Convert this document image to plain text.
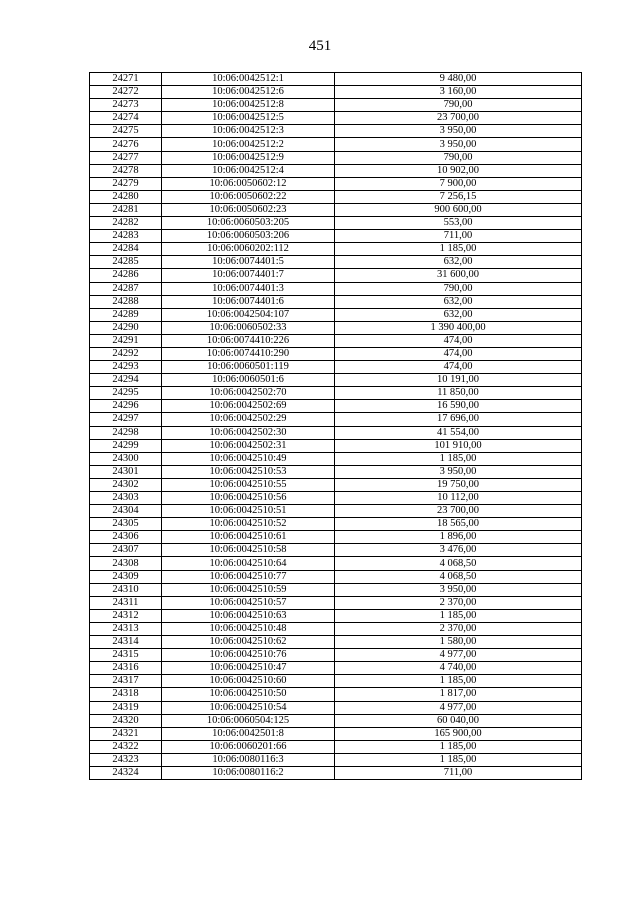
451
24271	10:06:0042512:1	9 480,00
24272	10:06:0042512:6	3 160,00
24273	10:06:0042512:8	790,00
24274	10:06:0042512:5	23 700,00
24275	10:06:0042512:3	3 950,00
24276	10:06:0042512:2	3 950,00
24277	10:06:0042512:9	790,00
24278	10:06:0042512:4	10 902,00
24279	10:06:0050602:12	7 900,00
24280	10:06:0050602:22	7 256,15
24281	10:06:0050602:23	900 600,00
24282	10:06:0060503:205	553,00
24283	10:06:0060503:206	711,00
24284	10:06:0060202:112	1 185,00
24285	10:06:0074401:5	632,00
24286	10:06:0074401:7	31 600,00
24287	10:06:0074401:3	790,00
24288	10:06:0074401:6	632,00
24289	10:06:0042504:107	632,00
24290	10:06:0060502:33	1 390 400,00
24291	10:06:0074410:226	474,00
24292	10:06:0074410:290	474,00
24293	10:06:0060501:119	474,00
24294	10:06:0060501:6	10 191,00
24295	10:06:0042502:70	11 850,00
24296	10:06:0042502:69	16 590,00
24297	10:06:0042502:29	17 696,00
24298	10:06:0042502:30	41 554,00
24299	10:06:0042502:31	101 910,00
24300	10:06:0042510:49	1 185,00
24301	10:06:0042510:53	3 950,00
24302	10:06:0042510:55	19 750,00
24303	10:06:0042510:56	10 112,00
24304	10:06:0042510:51	23 700,00
24305	10:06:0042510:52	18 565,00
24306	10:06:0042510:61	1 896,00
24307	10:06:0042510:58	3 476,00
24308	10:06:0042510:64	4 068,50
24309	10:06:0042510:77	4 068,50
24310	10:06:0042510:59	3 950,00
24311	10:06:0042510:57	2 370,00
24312	10:06:0042510:63	1 185,00
24313	10:06:0042510:48	2 370,00
24314	10:06:0042510:62	1 580,00
24315	10:06:0042510:76	4 977,00
24316	10:06:0042510:47	4 740,00
24317	10:06:0042510:60	1 185,00
24318	10:06:0042510:50	1 817,00
24319	10:06:0042510:54	4 977,00
24320	10:06:0060504:125	60 040,00
24321	10:06:0042501:8	165 900,00
24322	10:06:0060201:66	1 185,00
24323	10:06:0080116:3	1 185,00
24324	10:06:0080116:2	711,00
